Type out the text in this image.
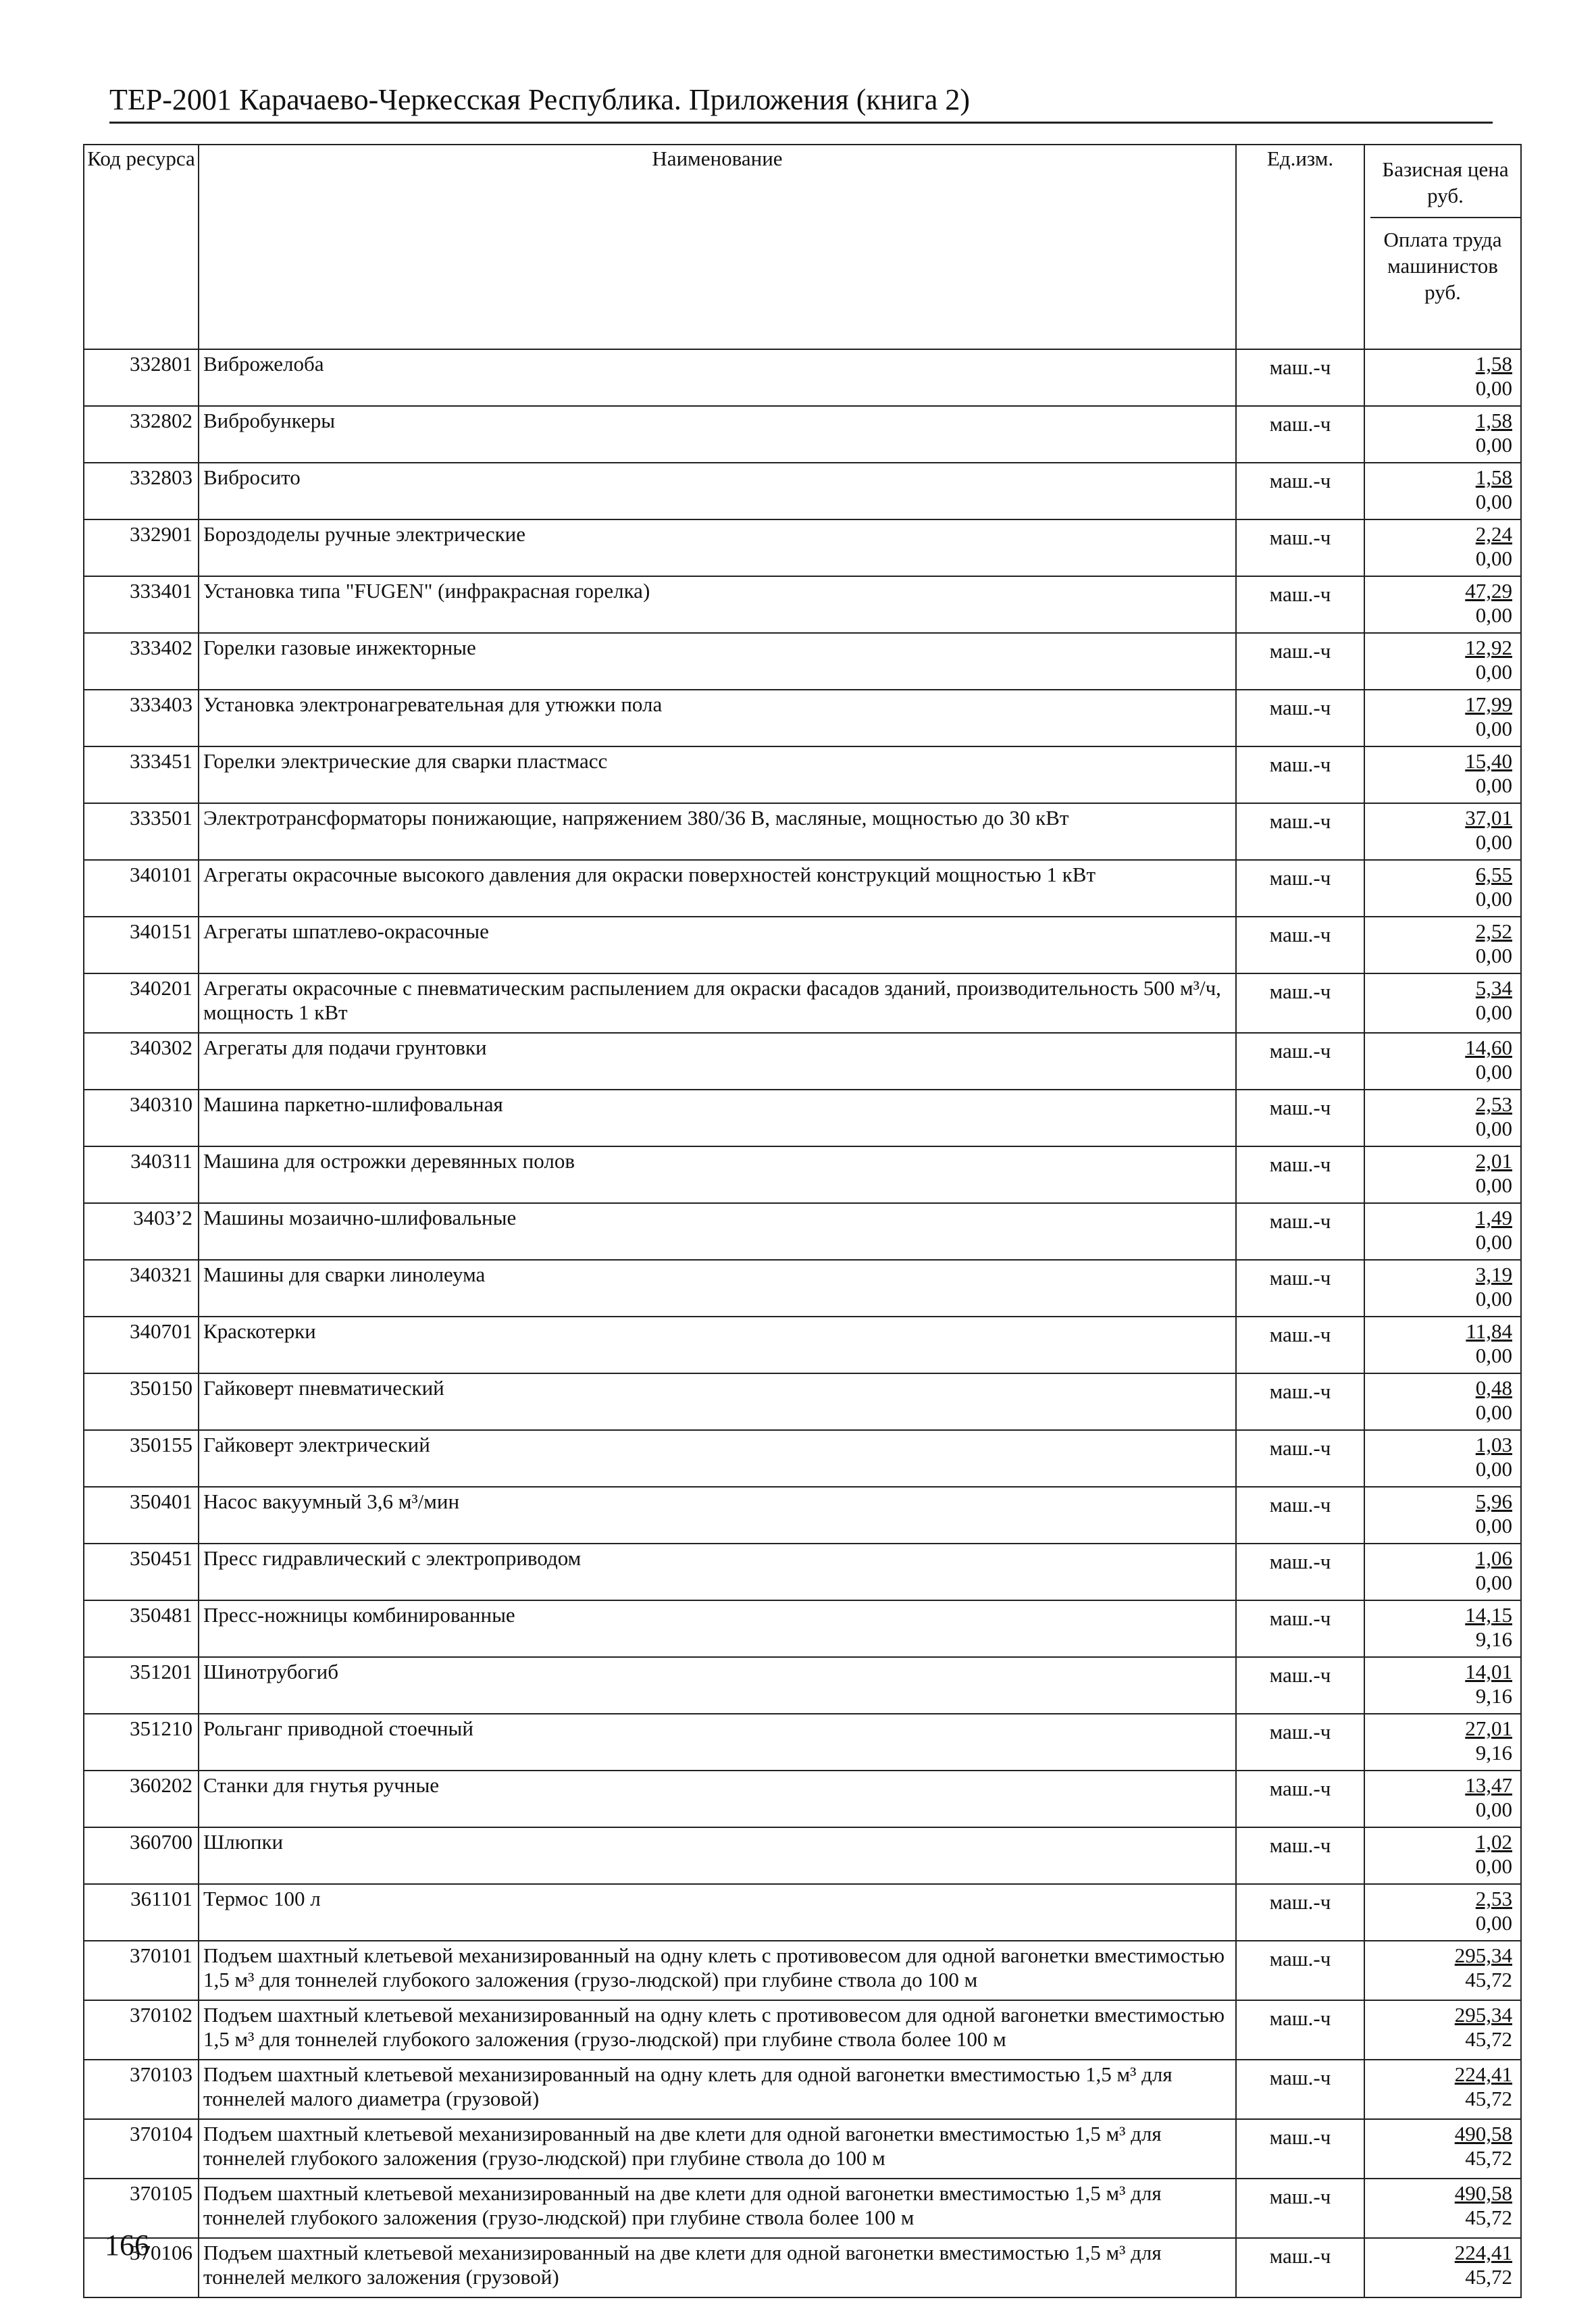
ТЕР-2001 Карачаево-Черкесская Республика. Приложения (книга 2)
Код ресурса	Наименование	Ед.изм.	Базисная цена руб.
Оплата труда машинистов руб.

332801	Виброжелоба	маш.-ч	1,58
0,00

332802	Вибробункеры	маш.-ч	1,58
0,00

332803	Вибросито	маш.-ч	1,58
0,00

332901	Бороздоделы ручные электрические	маш.-ч	2,24
0,00

333401	Установка типа "FUGEN" (инфракрасная горелка)	маш.-ч	47,29
0,00

333402	Горелки газовые инжекторные	маш.-ч	12,92
0,00

333403	Установка электронагревательная для утюжки пола	маш.-ч	17,99
0,00

333451	Горелки электрические для сварки пластмасс	маш.-ч	15,40
0,00

333501	Электротрансформаторы понижающие, напряжением 380/36 В, масляные, мощностью до 30 кВт	маш.-ч	37,01
0,00

340101	Агрегаты окрасочные высокого давления для окраски поверхностей конструкций мощностью 1 кВт	маш.-ч	6,55
0,00

340151	Агрегаты шпатлево-окрасочные	маш.-ч	2,52
0,00

340201	Агрегаты окрасочные с пневматическим распылением для окраски фасадов зданий, производительность 500 м³/ч, мощность 1 кВт	маш.-ч	5,34
0,00

340302	Агрегаты для подачи грунтовки	маш.-ч	14,60
0,00

340310	Машина паркетно-шлифовальная	маш.-ч	2,53
0,00

340311	Машина для острожки деревянных полов	маш.-ч	2,01
0,00

3403’2	Машины мозаично-шлифовальные	маш.-ч	1,49
0,00

340321	Машины для сварки линолеума	маш.-ч	3,19
0,00

340701	Краскотерки	маш.-ч	11,84
0,00

350150	Гайковерт пневматический	маш.-ч	0,48
0,00

350155	Гайковерт электрический	маш.-ч	1,03
0,00

350401	Насос вакуумный 3,6 м³/мин	маш.-ч	5,96
0,00

350451	Пресс гидравлический с электроприводом	маш.-ч	1,06
0,00

350481	Пресс-ножницы комбинированные	маш.-ч	14,15
9,16

351201	Шинотрубогиб	маш.-ч	14,01
9,16

351210	Рольганг приводной стоечный	маш.-ч	27,01
9,16

360202	Станки для гнутья ручные	маш.-ч	13,47
0,00

360700	Шлюпки	маш.-ч	1,02
0,00

361101	Термос 100 л	маш.-ч	2,53
0,00

370101	Подъем шахтный клетьевой механизированный на одну клеть с противовесом для одной вагонетки вместимостью 1,5 м³ для тоннелей глубокого заложения (грузо-людской) при глубине ствола до 100 м	маш.-ч	295,34
45,72

370102	Подъем шахтный клетьевой механизированный на одну клеть с противовесом для одной вагонетки вместимостью 1,5 м³ для тоннелей глубокого заложения (грузо-людской) при глубине ствола более 100 м	маш.-ч	295,34
45,72

370103	Подъем шахтный клетьевой механизированный на одну клеть для одной вагонетки вместимостью 1,5 м³ для тоннелей малого диаметра (грузовой)	маш.-ч	224,41
45,72

370104	Подъем шахтный клетьевой механизированный на две клети для одной вагонетки вместимостью 1,5 м³ для тоннелей глубокого заложения (грузо-людской) при глубине ствола до 100 м	маш.-ч	490,58
45,72

370105	Подъем шахтный клетьевой механизированный на две клети для одной вагонетки вместимостью 1,5 м³ для тоннелей глубокого заложения (грузо-людской) при глубине ствола более 100 м	маш.-ч	490,58
45,72

370106	Подъем шахтный клетьевой механизированный на две клети для одной вагонетки вместимостью 1,5 м³ для тоннелей мелкого заложения (грузовой)	маш.-ч	224,41
45,72
166
